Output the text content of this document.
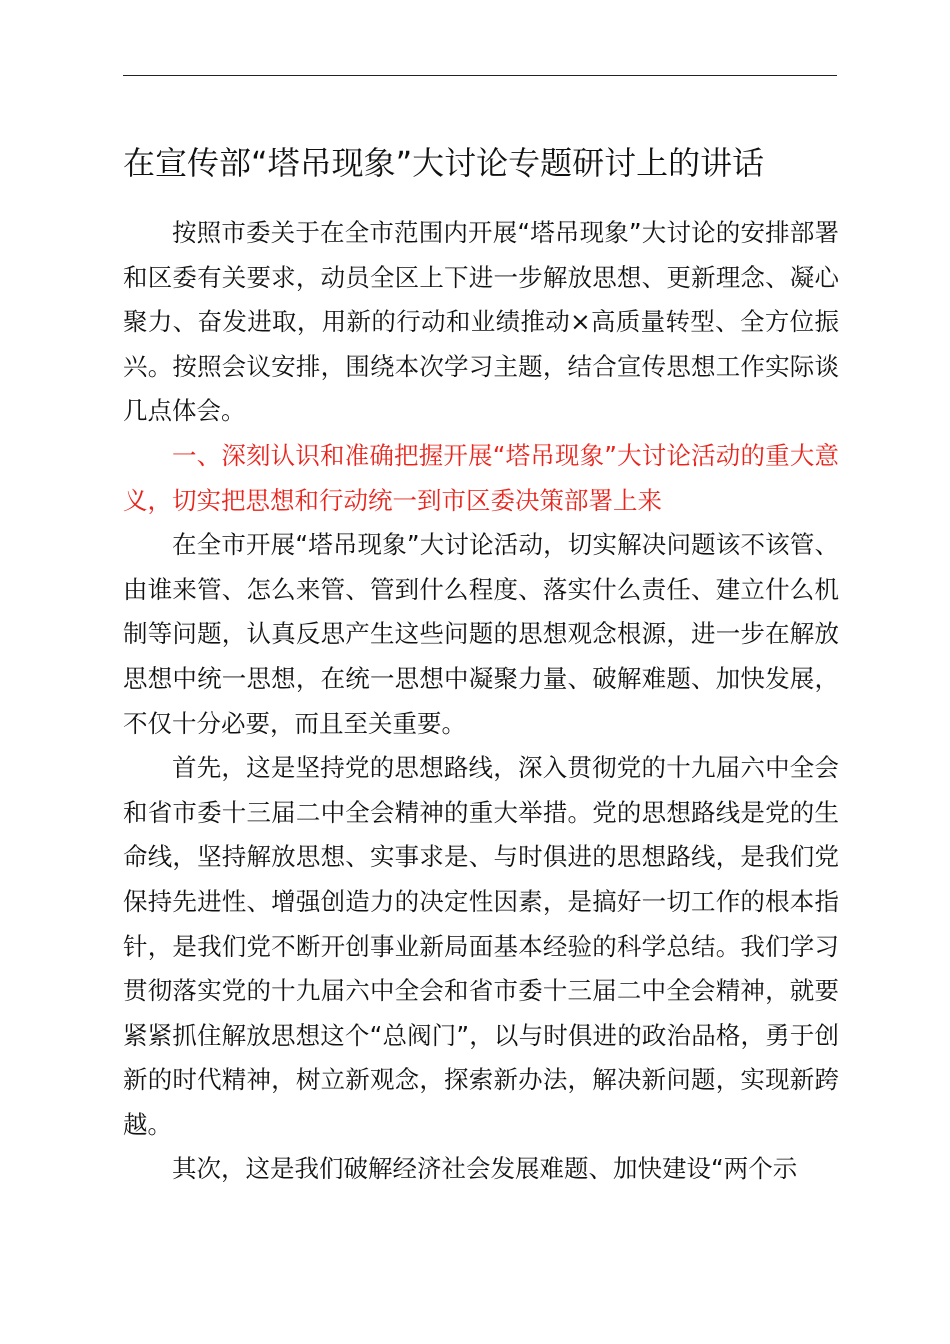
在宣传部“塔吊现象”大讨论专题研讨上的讲话

按照市委关于在全市范围内开展“塔吊现象”大讨论的安排部署和区委有关要求，动员全区上下进一步解放思想、更新理念、凝心聚力、奋发进取，用新的行动和业绩推动×高质量转型、全方位振兴。按照会议安排，围绕本次学习主题，结合宣传思想工作实际谈几点体会。

一、深刻认识和准确把握开展“塔吊现象”大讨论活动的重大意义，切实把思想和行动统一到市区委决策部署上来

在全市开展“塔吊现象”大讨论活动，切实解决问题该不该管、由谁来管、怎么来管、管到什么程度、落实什么责任、建立什么机制等问题，认真反思产生这些问题的思想观念根源，进一步在解放思想中统一思想，在统一思想中凝聚力量、破解难题、加快发展，不仅十分必要，而且至关重要。

首先，这是坚持党的思想路线，深入贯彻党的十九届六中全会和省市委十三届二中全会精神的重大举措。党的思想路线是党的生命线，坚持解放思想、实事求是、与时俱进的思想路线，是我们党保持先进性、增强创造力的决定性因素，是搞好一切工作的根本指针，是我们党不断开创事业新局面基本经验的科学总结。我们学习贯彻落实党的十九届六中全会和省市委十三届二中全会精神，就要紧紧抓住解放思想这个“总阀门”，以与时俱进的政治品格，勇于创新的时代精神，树立新观念，探索新办法，解决新问题，实现新跨越。

其次，这是我们破解经济社会发展难题、加快建设“两个示
